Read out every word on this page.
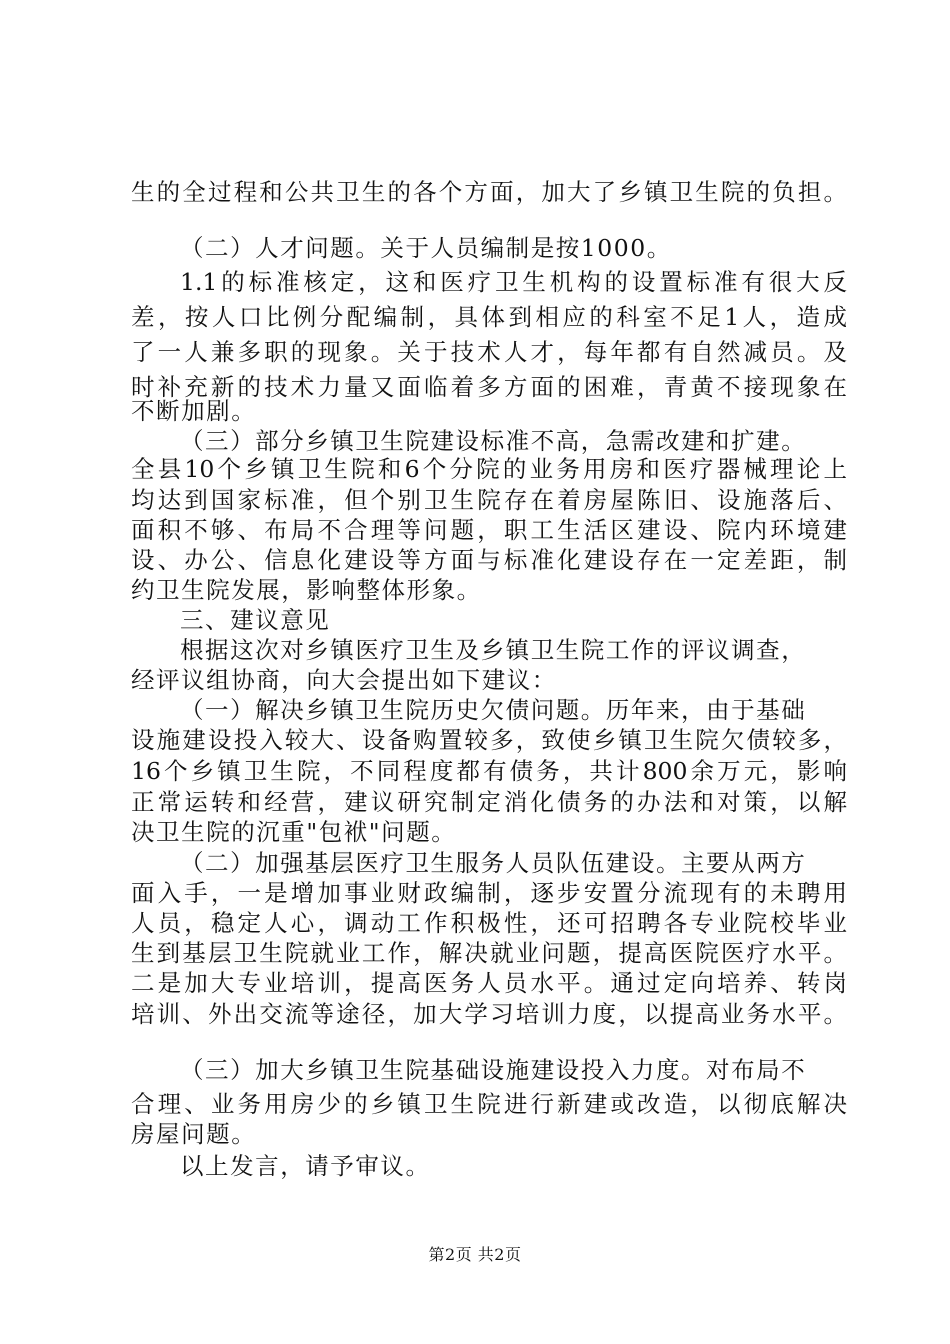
生的全过程和公共卫生的各个方面，加大了乡镇卫生院的负担。
（二）人才问题。关于人员编制是按1000。
1.1的标准核定，这和医疗卫生机构的设置标准有很大反
差，按人口比例分配编制，具体到相应的科室不足1人，造成
了一人兼多职的现象。关于技术人才，每年都有自然减员。及
时补充新的技术力量又面临着多方面的困难，青黄不接现象在
不断加剧。
（三）部分乡镇卫生院建设标准不高，急需改建和扩建。
全县10个乡镇卫生院和6个分院的业务用房和医疗器械理论上
均达到国家标准，但个别卫生院存在着房屋陈旧、设施落后、
面积不够、布局不合理等问题，职工生活区建设、院内环境建
设、办公、信息化建设等方面与标准化建设存在一定差距，制
约卫生院发展，影响整体形象。
三、建议意见
根据这次对乡镇医疗卫生及乡镇卫生院工作的评议调查，
经评议组协商，向大会提出如下建议：
（一）解决乡镇卫生院历史欠债问题。历年来，由于基础
设施建设投入较大、设备购置较多，致使乡镇卫生院欠债较多，
16个乡镇卫生院，不同程度都有债务，共计800余万元，影响
正常运转和经营，建议研究制定消化债务的办法和对策，以解
决卫生院的沉重"包袱"问题。
（二）加强基层医疗卫生服务人员队伍建设。主要从两方
面入手，一是增加事业财政编制，逐步安置分流现有的未聘用
人员，稳定人心，调动工作积极性，还可招聘各专业院校毕业
生到基层卫生院就业工作，解决就业问题，提高医院医疗水平。
二是加大专业培训，提高医务人员水平。通过定向培养、转岗
培训、外出交流等途径，加大学习培训力度，以提高业务水平。
（三）加大乡镇卫生院基础设施建设投入力度。对布局不
合理、业务用房少的乡镇卫生院进行新建或改造，以彻底解决
房屋问题。
以上发言，请予审议。
第2页 共2页
